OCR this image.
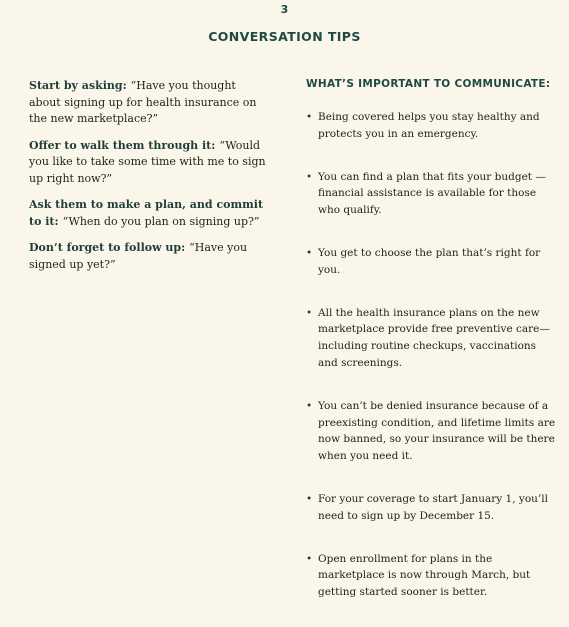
3
CONVERSATION TIPS

Start by asking: “Have you thought about signing up for health insurance on the new marketplace?”

Offer to walk them through it: “Would you like to take some time with me to sign up right now?”

Ask them to make a plan, and commit to it: “When do you plan on signing up?”

Don’t forget to follow up: “Have you signed up yet?”

WHAT’S IMPORTANT TO COMMUNICATE:
• Being covered helps you stay healthy and protects you in an emergency.
• You can find a plan that fits your budget —financial assistance is available for those who qualify.
• You get to choose the plan that’s right for you.
• All the health insurance plans on the new marketplace provide free preventive care—including routine checkups, vaccinations and screenings.
• You can’t be denied insurance because of a preexisting condition, and lifetime limits are now banned, so your insurance will be there when you need it.
• For your coverage to start January 1, you’ll need to sign up by December 15.
• Open enrollment for plans in the marketplace is now through March, but getting started sooner is better.
